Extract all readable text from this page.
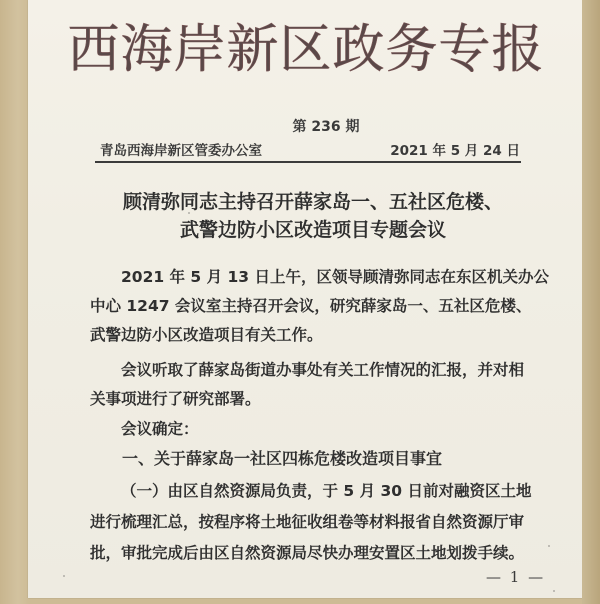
西海岸新区政务专报
第 236 期
青岛西海岸新区管委办公室	2021 年 5 月 24 日
顾清弥同志主持召开薛家岛一、五社区危楼、
武警边防小区改造项目专题会议

2021 年 5 月 13 日上午，区领导顾清弥同志在东区机关办公
中心 1247 会议室主持召开会议，研究薛家岛一、五社区危楼、
武警边防小区改造项目有关工作。

会议听取了薛家岛街道办事处有关工作情况的汇报，并对相
关事项进行了研究部署。

会议确定：

一、关于薛家岛一社区四栋危楼改造项目事宜

（一）由区自然资源局负责，于 5 月 30 日前对融资区土地
进行梳理汇总，按程序将土地征收组卷等材料报省自然资源厅审
批，审批完成后由区自然资源局尽快办理安置区土地划拨手续。

— 1 —
